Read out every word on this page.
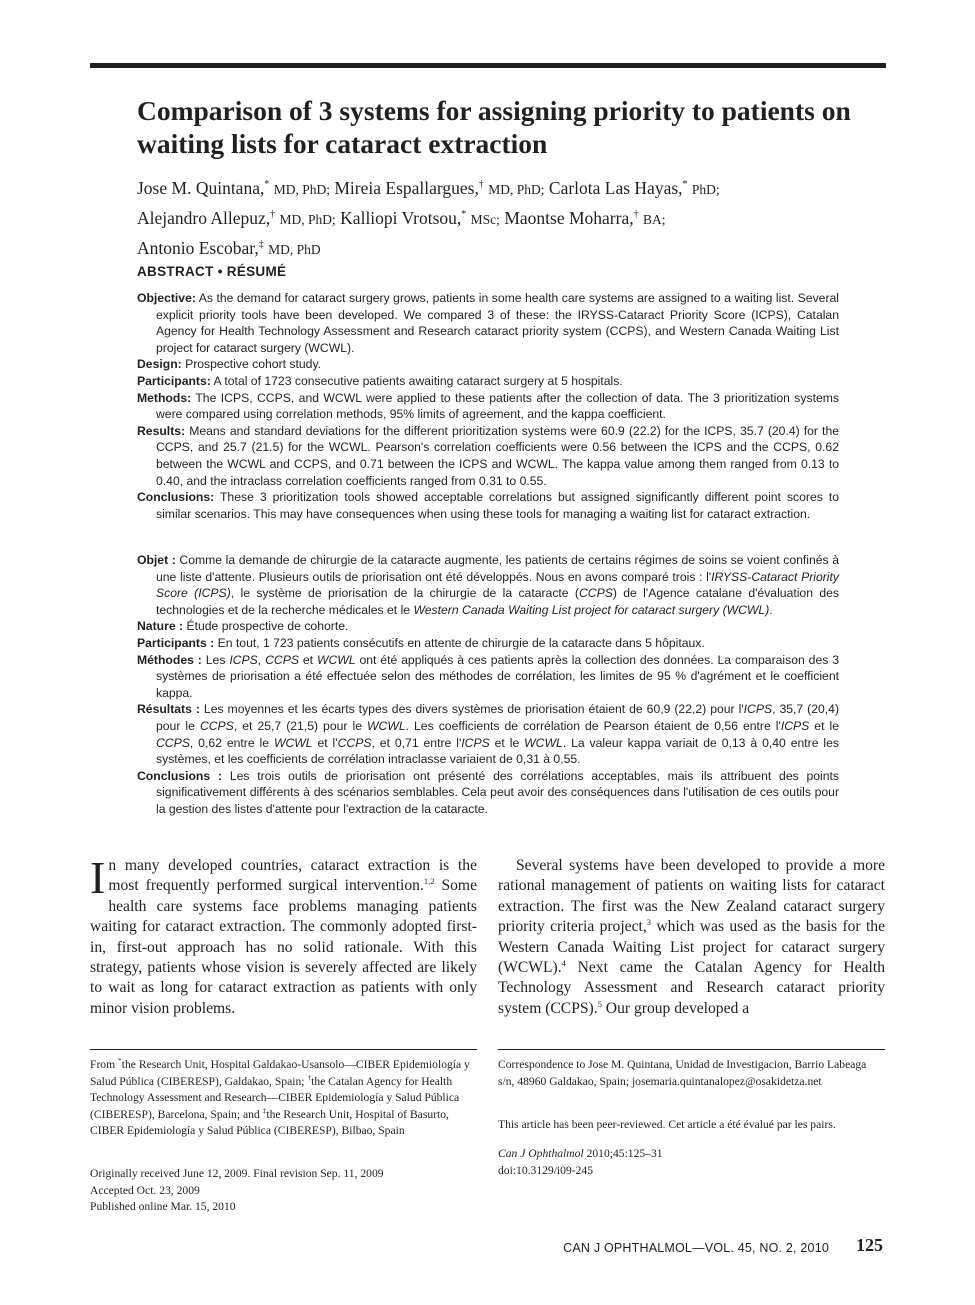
Comparison of 3 systems for assigning priority to patients on waiting lists for cataract extraction
Jose M. Quintana,* MD, PhD; Mireia Espallargues,† MD, PhD; Carlota Las Hayas,* PhD;
Alejandro Allepuz,† MD, PhD; Kalliopi Vrotsou,* MSc; Maontse Moharra,† BA;
Antonio Escobar,‡ MD, PhD
ABSTRACT • RÉSUMÉ

Objective: As the demand for cataract surgery grows, patients in some health care systems are assigned to a waiting list. Several explicit priority tools have been developed. We compared 3 of these: the IRYSS-Cataract Priority Score (ICPS), Catalan Agency for Health Technology Assessment and Research cataract priority system (CCPS), and Western Canada Waiting List project for cataract surgery (WCWL).

Design: Prospective cohort study.

Participants: A total of 1723 consecutive patients awaiting cataract surgery at 5 hospitals.

Methods: The ICPS, CCPS, and WCWL were applied to these patients after the collection of data. The 3 prioritization systems were compared using correlation methods, 95% limits of agreement, and the kappa coefficient.

Results: Means and standard deviations for the different prioritization systems were 60.9 (22.2) for the ICPS, 35.7 (20.4) for the CCPS, and 25.7 (21.5) for the WCWL. Pearson's correlation coefficients were 0.56 between the ICPS and the CCPS, 0.62 between the WCWL and CCPS, and 0.71 between the ICPS and WCWL. The kappa value among them ranged from 0.13 to 0.40, and the intraclass correlation coefficients ranged from 0.31 to 0.55.

Conclusions: These 3 prioritization tools showed acceptable correlations but assigned significantly different point scores to similar scenarios. This may have consequences when using these tools for managing a waiting list for cataract extraction.

Objet : Comme la demande de chirurgie de la cataracte augmente, les patients de certains régimes de soins se voient confinés à une liste d'attente. Plusieurs outils de priorisation ont été développés. Nous en avons comparé trois : l'IRYSS-Cataract Priority Score (ICPS), le système de priorisation de la chirurgie de la cataracte (CCPS) de l'Agence catalane d'évaluation des technologies et de la recherche médicales et le Western Canada Waiting List project for cataract surgery (WCWL).

Nature : Étude prospective de cohorte.

Participants : En tout, 1 723 patients consécutifs en attente de chirurgie de la cataracte dans 5 hôpitaux.

Méthodes : Les ICPS, CCPS et WCWL ont été appliqués à ces patients après la collection des données. La comparaison des 3 systèmes de priorisation a été effectuée selon des méthodes de corrélation, les limites de 95 % d'agrément et le coefficient kappa.

Résultats : Les moyennes et les écarts types des divers systèmes de priorisation étaient de 60,9 (22,2) pour l'ICPS, 35,7 (20,4) pour le CCPS, et 25,7 (21,5) pour le WCWL. Les coefficients de corrélation de Pearson étaient de 0,56 entre l'ICPS et le CCPS, 0,62 entre le WCWL et l'CCPS, et 0,71 entre l'ICPS et le WCWL. La valeur kappa variait de 0,13 à 0,40 entre les systèmes, et les coefficients de corrélation intraclasse variaient de 0,31 à 0,55.

Conclusions : Les trois outils de priorisation ont présenté des corrélations acceptables, mais ils attribuent des points significativement différents à des scénarios semblables. Cela peut avoir des conséquences dans l'utilisation de ces outils pour la gestion des listes d'attente pour l'extraction de la cataracte.

In many developed countries, cataract extraction is the most frequently performed surgical intervention.$^{1,2}$ Some health care systems face problems managing patients waiting for cataract extraction. The commonly adopted first-in, first-out approach has no solid rationale. With this strategy, patients whose vision is severely affected are likely to wait as long for cataract extraction as patients with only minor vision problems.
Several systems have been developed to provide a more rational management of patients on waiting lists for cataract extraction. The first was the New Zealand cataract surgery priority criteria project,$^3$ which was used as the basis for the Western Canada Waiting List project for cataract surgery (WCWL).$^4$ Next came the Catalan Agency for Health Technology Assessment and Research cataract priority system (CCPS).$^5$ Our group developed a
From *the Research Unit, Hospital Galdakao-Usansolo—CIBER Epidemiología y Salud Pública (CIBERESP), Galdakao, Spain; †the Catalan Agency for Health Technology Assessment and Research—CIBER Epidemiología y Salud Pública (CIBERESP), Barcelona, Spain; and ‡the Research Unit, Hospital of Basurto, CIBER Epidemiología y Salud Pública (CIBERESP), Bilbao, Spain
Originally received June 12, 2009. Final revision Sep. 11, 2009
Accepted Oct. 23, 2009
Published online Mar. 15, 2010
Correspondence to Jose M. Quintana, Unidad de Investigacion, Barrio Labeaga s/n, 48960 Galdakao, Spain; josemaria.quintanalopez@osakidetza.net
This article has been peer-reviewed. Cet article a été évalué par les pairs.
Can J Ophthalmol 2010;45:125–31
doi:10.3129/i09-245
CAN J OPHTHALMOL—VOL. 45, NO. 2, 2010 125
